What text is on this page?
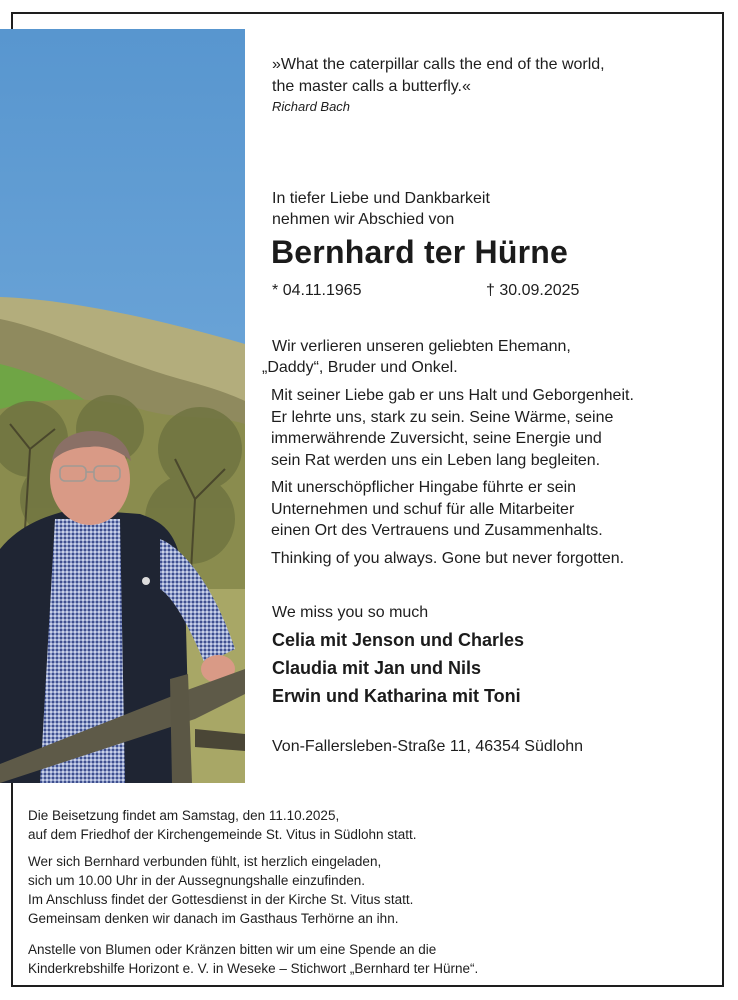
»What the caterpillar calls the end of the world,
the master calls a butterfly.«

Richard Bach

In tiefer Liebe und Dankbarkeit
nehmen wir Abschied von

Bernhard ter Hürne

* 04.11.1965	† 30.09.2025

Wir verlieren unseren geliebten Ehemann,

„Daddy“, Bruder und Onkel.

Mit seiner Liebe gab er uns Halt und Geborgenheit.
Er lehrte uns, stark zu sein. Seine Wärme, seine
immerwährende Zuversicht, seine Energie und
sein Rat werden uns ein Leben lang begleiten.

Mit unerschöpflicher Hingabe führte er sein
Unternehmen und schuf für alle Mitarbeiter
einen Ort des Vertrauens und Zusammenhalts.

Thinking of you always. Gone but never forgotten.

We miss you so much

Celia mit Jenson und Charles
Claudia mit Jan und Nils
Erwin und Katharina mit Toni

Von-Fallersleben-Straße 11, 46354 Südlohn

Die Beisetzung findet am Samstag, den 11.10.2025,
auf dem Friedhof der Kirchengemeinde St. Vitus in Südlohn statt.

Wer sich Bernhard verbunden fühlt, ist herzlich eingeladen,
sich um 10.00 Uhr in der Aussegnungshalle einzufinden.
Im Anschluss findet der Gottesdienst in der Kirche St. Vitus statt.
Gemeinsam denken wir danach im Gasthaus Terhörne an ihn.

Anstelle von Blumen oder Kränzen bitten wir um eine Spende an die
Kinderkrebshilfe Horizont e. V. in Weseke – Stichwort „Bernhard ter Hürne“.
